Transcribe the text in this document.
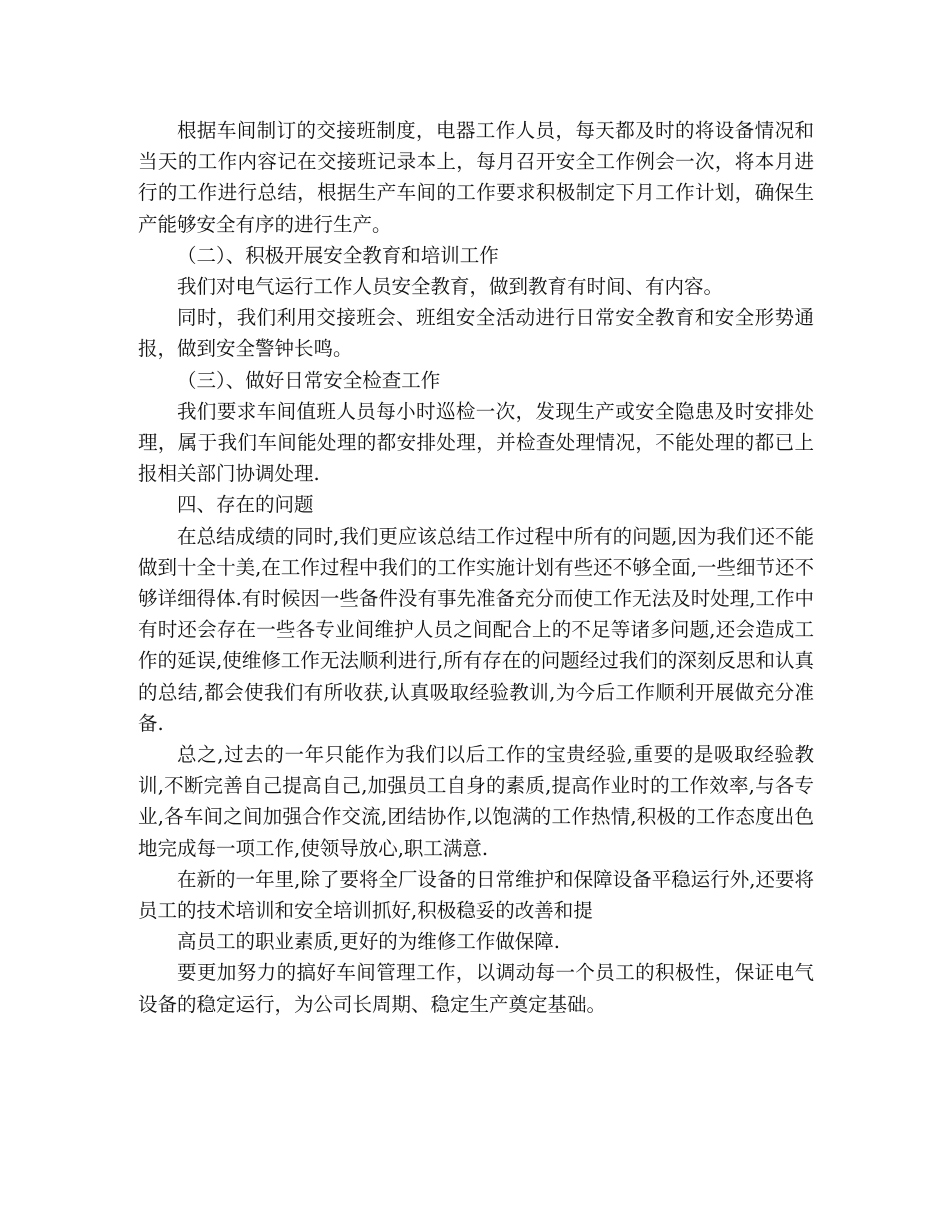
根据车间制订的交接班制度，电器工作人员，每天都及时的将设备情况和当天的工作内容记在交接班记录本上，每月召开安全工作例会一次，将本月进行的工作进行总结，根据生产车间的工作要求积极制定下月工作计划，确保生产能够安全有序的进行生产。

（二）、积极开展安全教育和培训工作

我们对电气运行工作人员安全教育，做到教育有时间、有内容。

同时，我们利用交接班会、班组安全活动进行日常安全教育和安全形势通报，做到安全警钟长鸣。

（三）、做好日常安全检查工作

我们要求车间值班人员每小时巡检一次，发现生产或安全隐患及时安排处理，属于我们车间能处理的都安排处理，并检查处理情况，不能处理的都已上报相关部门协调处理.

四、存在的问题

在总结成绩的同时,我们更应该总结工作过程中所有的问题,因为我们还不能做到十全十美,在工作过程中我们的工作实施计划有些还不够全面,一些细节还不够详细得体.有时候因一些备件没有事先准备充分而使工作无法及时处理,工作中有时还会存在一些各专业间维护人员之间配合上的不足等诸多问题,还会造成工作的延误,使维修工作无法顺利进行,所有存在的问题经过我们的深刻反思和认真的总结,都会使我们有所收获,认真吸取经验教训,为今后工作顺利开展做充分准备.

总之,过去的一年只能作为我们以后工作的宝贵经验,重要的是吸取经验教训,不断完善自己提高自己,加强员工自身的素质,提高作业时的工作效率,与各专业,各车间之间加强合作交流,团结协作,以饱满的工作热情,积极的工作态度出色地完成每一项工作,使领导放心,职工满意.

在新的一年里,除了要将全厂设备的日常维护和保障设备平稳运行外,还要将员工的技术培训和安全培训抓好,积极稳妥的改善和提

高员工的职业素质,更好的为维修工作做保障.

要更加努力的搞好车间管理工作，以调动每一个员工的积极性，保证电气设备的稳定运行，为公司长周期、稳定生产奠定基础。
